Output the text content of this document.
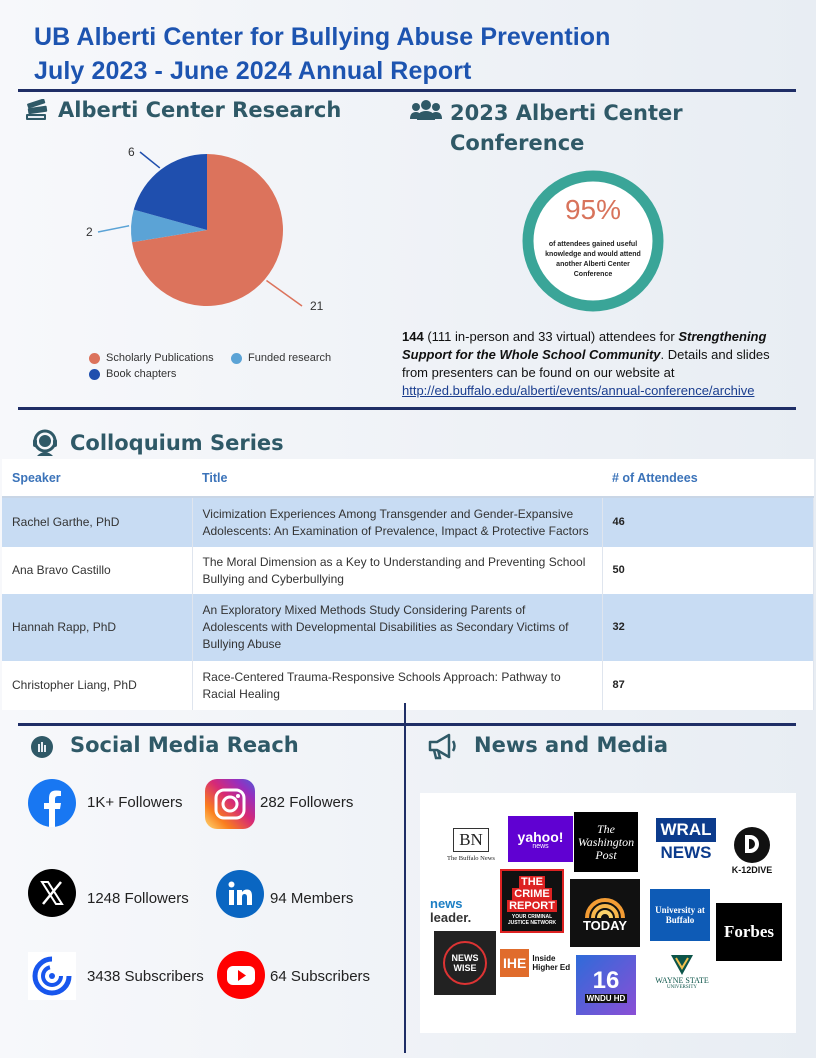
UB Alberti Center for Bullying Abuse Prevention
July 2023 - June 2024 Annual Report
Alberti Center Research
21
2
6
Scholarly Publications	Funded research
Book chapters
2023 Alberti Center
Conference
95%
of attendees gained useful knowledge and would attend another Alberti Center Conference
144 (111 in-person and 33 virtual) attendees for Strengthening Support for the Whole School Community. Details and slides from presenters can be found on our website at
http://ed.buffalo.edu/alberti/events/annual-conference/archive
Colloquium Series
Speaker	Title	# of Attendees
Rachel Garthe, PhD	Vicimization Experiences Among Transgender and Gender-Expansive Adolescents: An Examination of Prevalence, Impact & Protective Factors	46
Ana Bravo Castillo	The Moral Dimension as a Key to Understanding and Preventing School Bullying and Cyberbullying	50
Hannah Rapp, PhD	An Exploratory Mixed Methods Study Considering Parents of Adolescents with Developmental Disabilities as Secondary Victims of Bullying Abuse	32
Christopher Liang, PhD	Race-Centered Trauma-Responsive Schools Approach: Pathway to Racial Healing	87
Social Media Reach
1K+ Followers	282 Followers
1248 Followers	94 Members
3438 Subscribers	64 Subscribers
News and Media
BN
The Buffalo News
yahoo!
news
The Washington Post
WRAL
NEWS
K-12DIVE
news
leader.
THE
CRIME
REPORT
YOUR CRIMINAL JUSTICE NETWORK	TODAY
University at Buffalo
Forbes
NEWS WISE	IHE Inside Higher Ed 16
WNDU HD
WAYNE STATE
UNIVERSITY
